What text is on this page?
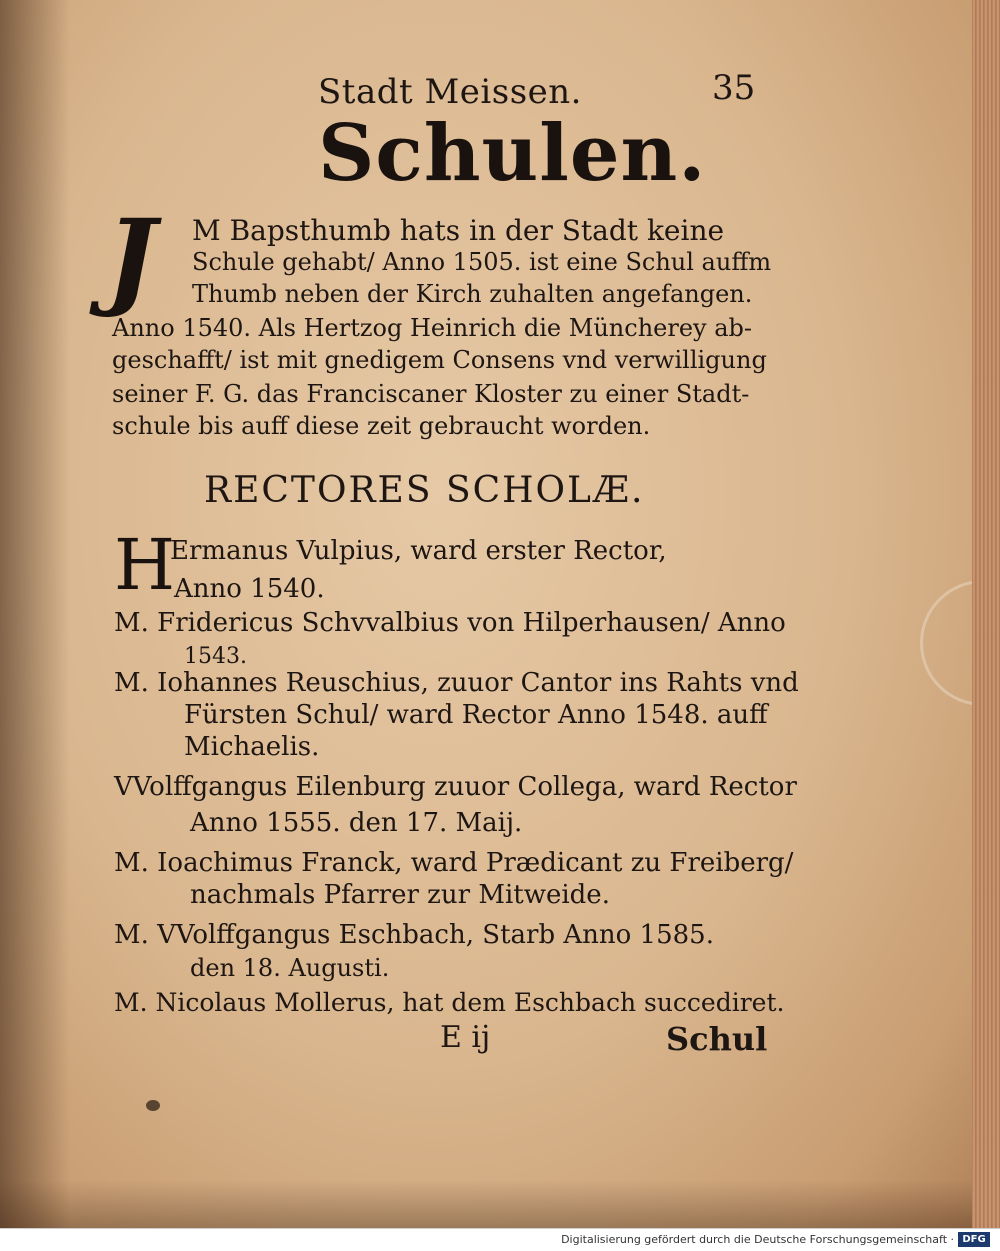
Stadt Meissen.	35
Schulen.
J	M Bapsthumb hats in der Stadt keine
Schule gehabt/ Anno 1505. ist eine Schul auffm
Thumb neben der Kirch zuhalten angefangen.
Anno 1540. Als Hertzog Heinrich die Müncherey ab-
geschafft/ ist mit gnedigem Consens vnd verwilligung
seiner F. G. das Franciscaner Kloster zu einer Stadt-
schule bis auff diese zeit gebraucht worden.
RECTORES SCHOLÆ.
H
Ermanus Vulpius, ward erster Rector,
Anno 1540.
M. Fridericus Schvvalbius von Hilperhausen/ Anno
1543.
M. Iohannes Reuschius, zuuor Cantor ins Rahts vnd
Fürsten Schul/ ward Rector Anno 1548. auff
Michaelis.
VVolffgangus Eilenburg zuuor Collega, ward Rector
Anno 1555. den 17. Maij.
M. Ioachimus Franck, ward Prædicant zu Freiberg/
nachmals Pfarrer zur Mitweide.
M. VVolffgangus Eschbach, Starb Anno 1585.
den 18. Augusti.
M. Nicolaus Mollerus, hat dem Eschbach succediret.
E ij	Schul
Digitalisierung gefördert durch die Deutsche Forschungsgemeinschaft · DFG
